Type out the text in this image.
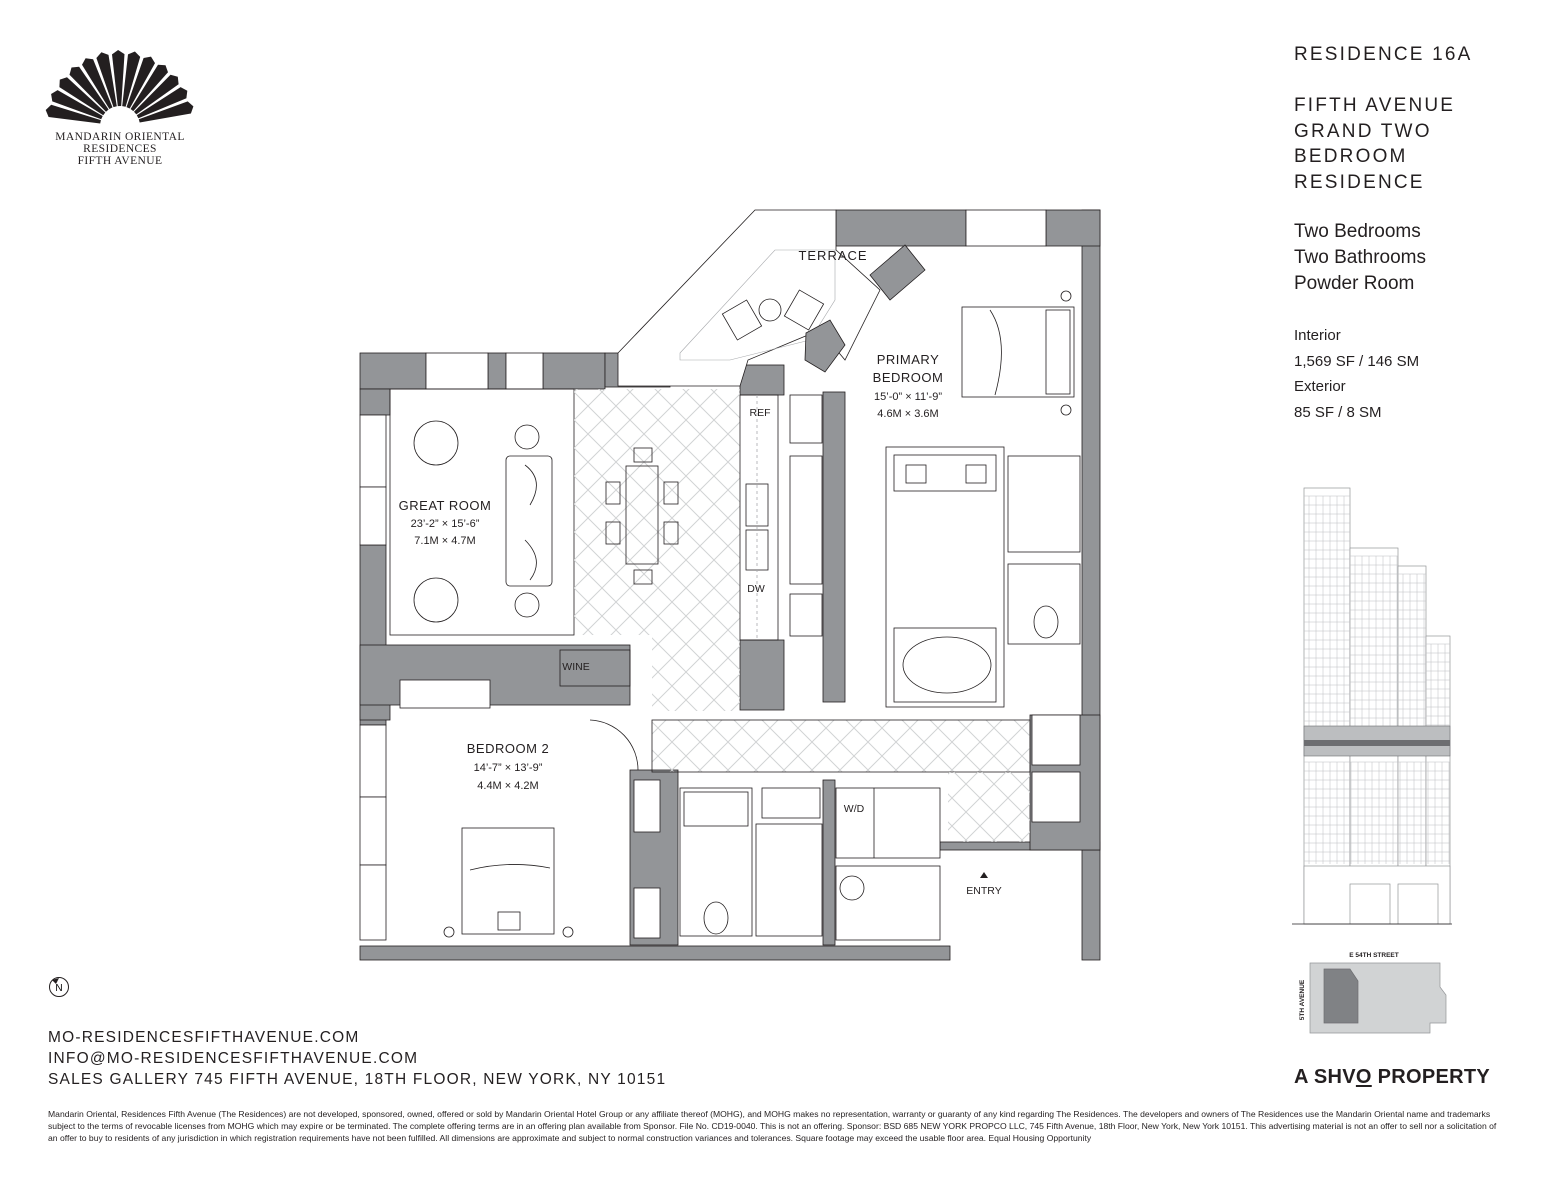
MANDARIN ORIENTAL
RESIDENCES
FIFTH AVENUE
RESIDENCE 16A
FIFTH AVENUE
GRAND TWO
BEDROOM
RESIDENCE
Two Bedrooms
Two Bathrooms
Powder Room
Interior
1,569 SF / 146 SM
Exterior
85 SF / 8 SM
TERRACE
GREAT ROOM
23’-2” × 15’-6”
7.1M × 4.7M
REF
DW
WINE
PRIMARY
BEDROOM
15’-0” × 11’-9”
4.6M × 3.6M
BEDROOM 2
14’-7” × 13’-9”
4.4M × 4.2M
W/D
ENTRY
N
E 54TH STREET
5TH AVENUE
MO-RESIDENCESFIFTHAVENUE.COM
INFO@MO-RESIDENCESFIFTHAVENUE.COM
SALES GALLERY 745 FIFTH AVENUE, 18TH FLOOR, NEW YORK, NY 10151	A SHVO PROPERTY
Mandarin Oriental, Residences Fifth Avenue (The Residences) are not developed, sponsored, owned, offered or sold by Mandarin Oriental Hotel Group or any affiliate thereof (MOHG), and MOHG makes no representation, warranty or guaranty of any kind regarding The Residences. The developers and owners of The Residences use the Mandarin Oriental name and trademarks subject to the terms of revocable licenses from MOHG which may expire or be terminated. The complete offering terms are in an offering plan available from Sponsor. File No. CD19-0040. This is not an offering. Sponsor: BSD 685 NEW YORK PROPCO LLC, 745 Fifth Avenue, 18th Floor, New York, New York 10151. This advertising material is not an offer to sell nor a solicitation of an offer to buy to residents of any jurisdiction in which registration requirements have not been fulfilled. All dimensions are approximate and subject to normal construction variances and tolerances. Square footage may exceed the usable floor area. Equal Housing Opportunity
